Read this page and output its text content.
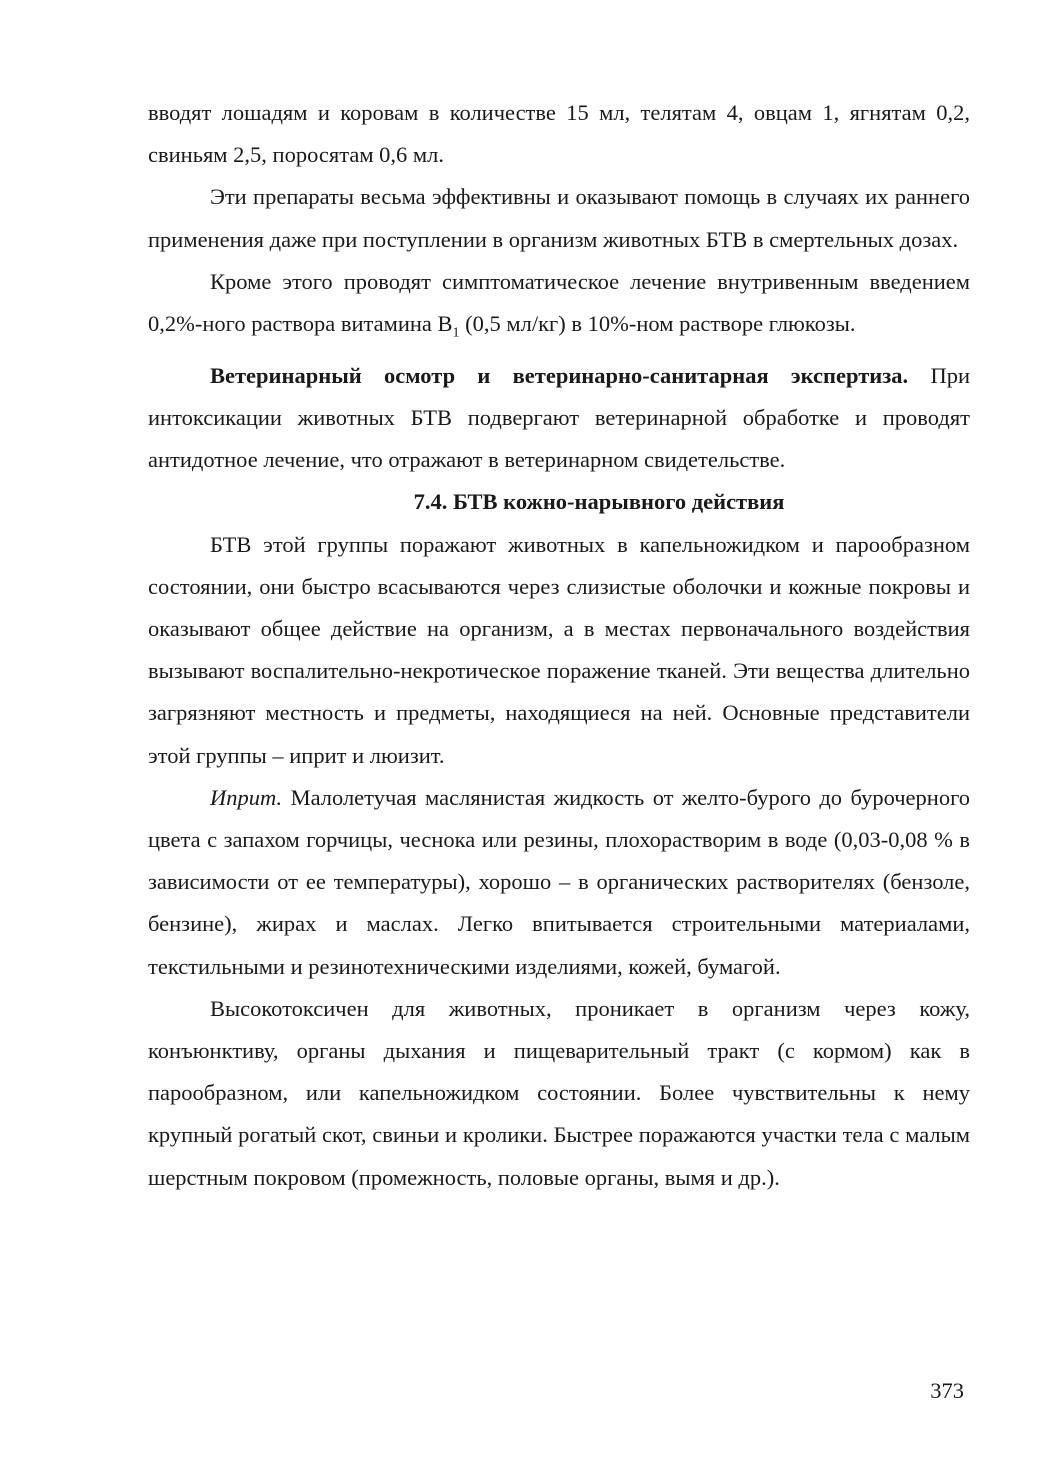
вводят лошадям и коровам в количестве 15 мл, телятам 4, овцам 1, ягнятам 0,2, свиньям 2,5, поросятам 0,6 мл.

Эти препараты весьма эффективны и оказывают помощь в случаях их раннего применения даже при поступлении в организм животных БТВ в смертельных дозах.

Кроме этого проводят симптоматическое лечение внутривенным введением 0,2%-ного раствора витамина $В_1$ (0,5 мл/кг) в 10%-ном растворе глюкозы.

Ветеринарный осмотр и ветеринарно-санитарная экспертиза. При интоксикации животных БТВ подвергают ветеринарной обработке и проводят антидотное лечение, что отражают в ветеринарном свидетельстве.

7.4. БТВ кожно-нарывного действия

БТВ этой группы поражают животных в капельножидком и парообразном состоянии, они быстро всасываются через слизистые оболочки и кожные покровы и оказывают общее действие на организм, а в местах первоначального воздействия вызывают воспалительно-некротическое поражение тканей. Эти вещества длительно загрязняют местность и предметы, находящиеся на ней. Основные представители этой группы – иприт и люизит.

Иприт. Малолетучая маслянистая жидкость от желто-бурого до бурочерного цвета с запахом горчицы, чеснока или резины, плохорастворим в воде (0,03-0,08 % в зависимости от ее температуры), хорошо – в органических растворителях (бензоле, бензине), жирах и маслах. Легко впитывается строительными материалами, текстильными и резинотехническими изделиями, кожей, бумагой.

Высокотоксичен для животных, проникает в организм через кожу, конъюнктиву, органы дыхания и пищеварительный тракт (с кормом) как в парообразном, или капельножидком состоянии. Более чувствительны к нему крупный рогатый скот, свиньи и кролики. Быстрее поражаются участки тела с малым шерстным покровом (промежность, половые органы, вымя и др.).

373
